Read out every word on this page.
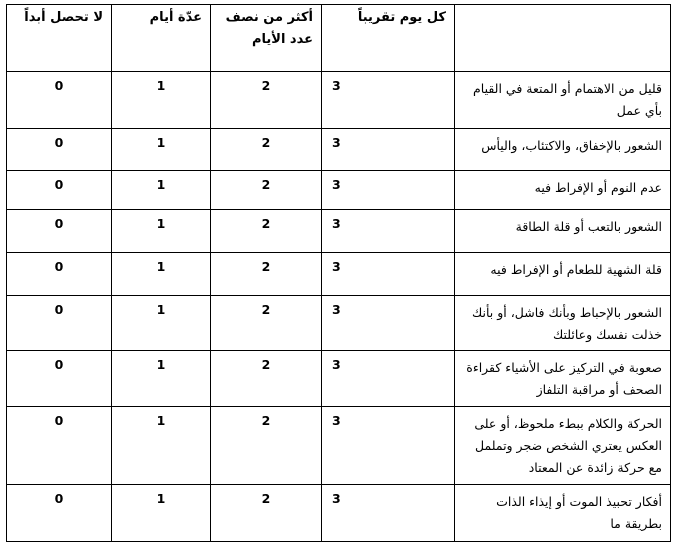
	كل يوم تقريباً	أكثر من نصف عدد الأيام	عدّة أيام	لا تحصل أبداً

قليل من الاهتمام أو المتعة في القيام بأي عمل	3	2	1	0

الشعور بالإخفاق، والاكتئاب، واليأس	3	2	1	0

عدم النوم أو الإفراط فيه	3	2	1	0

الشعور بالتعب أو قلة الطاقة	3	2	1	0

قلة الشهية للطعام أو الإفراط فيه	3	2	1	0

الشعور بالإحباط وبأنك فاشل، أو بأنك خذلت نفسك وعائلتك	3	2	1	0

صعوبة في التركيز على الأشياء كقراءة الصحف أو مراقبة التلفاز	3	2	1	0

الحركة والكلام ببطء ملحوظ، أو على العكس يعتري الشخص ضجر وتململ مع حركة زائدة عن المعتاد	3	2	1	0

أفكار تحبيذ الموت أو إيذاء الذات بطريقة ما	3	2	1	0
